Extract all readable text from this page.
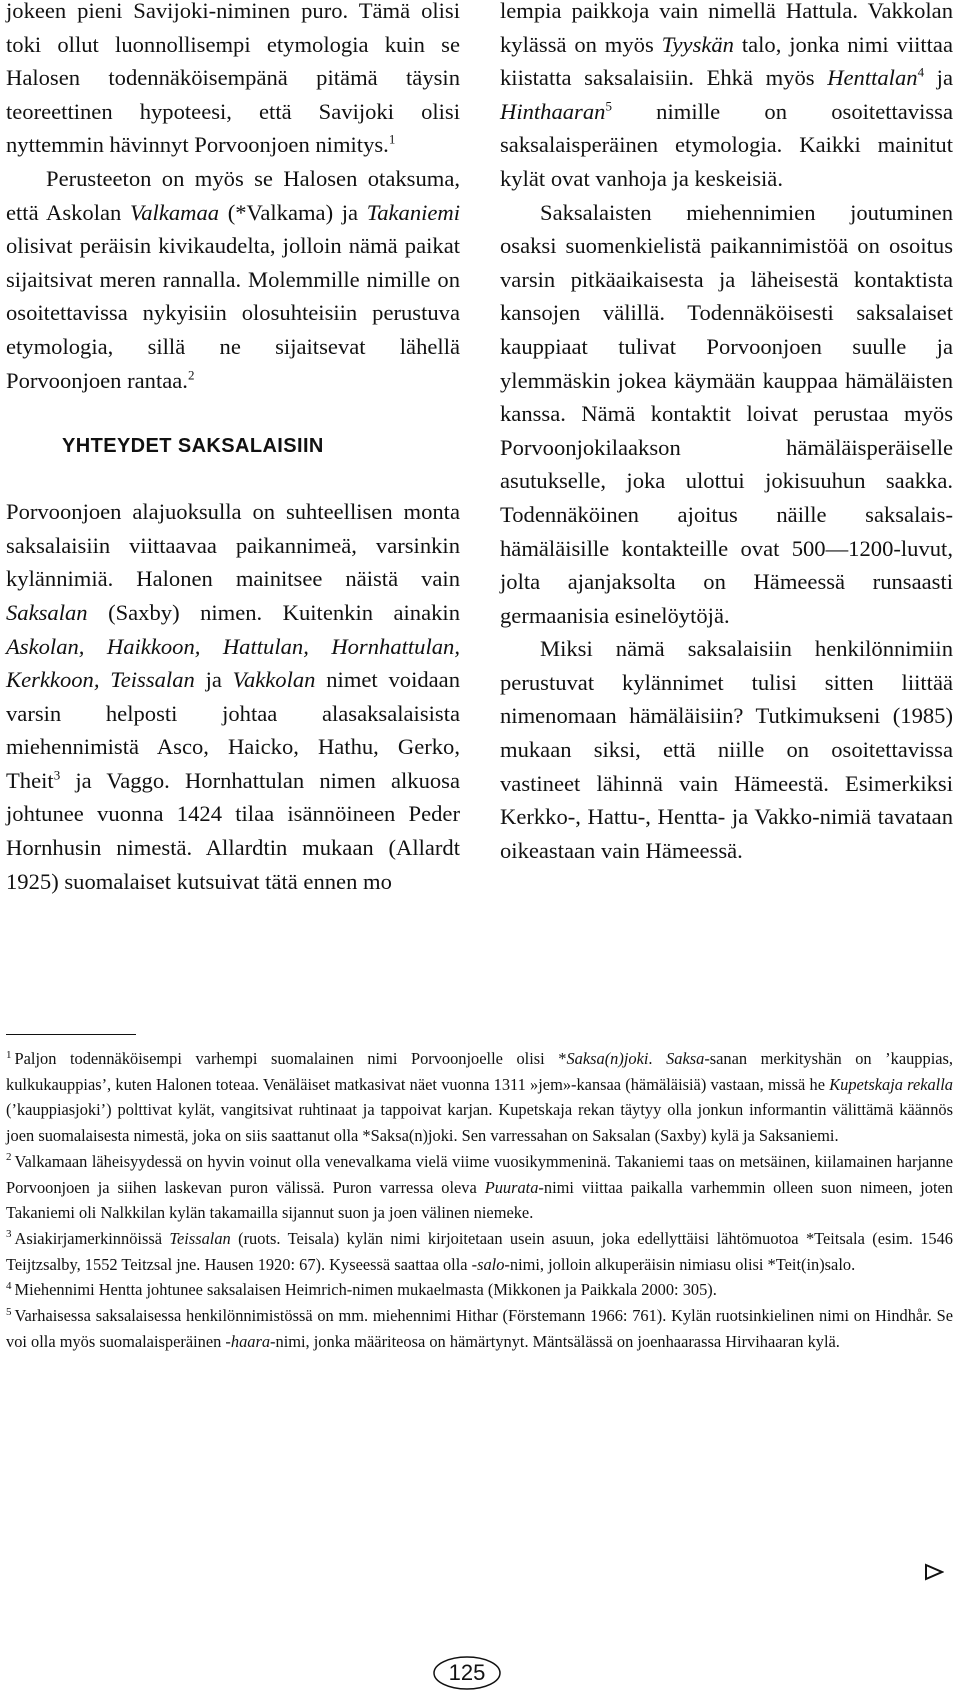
jokeen pieni Savijoki-niminen puro. Tämä olisi toki ollut luonnollisempi etymologia kuin se Halosen todennäköisempänä pitämä täysin teoreettinen hypoteesi, että Savijoki olisi nyttemmin hävinnyt Porvoonjoen nimitys.$^1$

Perusteeton on myös se Halosen otaksuma, että Askolan Valkamaa (*Valkama) ja Takaniemi olisivat peräisin kivikaudelta, jolloin nämä paikat sijaitsivat meren rannalla. Molemmille nimille on osoitettavissa nykyisiin olosuhteisiin perustuva etymologia, sillä ne sijaitsevat lähellä Porvoonjoen rantaa.$^2$

YHTEYDET SAKSALAISIIN

Porvoonjoen alajuoksulla on suhteellisen monta saksalaisiin viittaavaa paikannimeä, varsinkin kylännimiä. Halonen mainitsee näistä vain Saksalan (Saxby) nimen. Kuitenkin ainakin Askolan, Haikkoon, Hattulan, Hornhattulan, Kerkkoon, Teissalan ja Vakkolan nimet voidaan varsin helposti johtaa alasaksalaisista miehennimistä Asco, Haicko, Hathu, Gerko, Theit$^3$ ja Vaggo. Hornhattulan nimen alkuosa johtunee vuonna 1424 tilaa isännöineen Peder Hornhusin nimestä. Allardtin mukaan (Allardt 1925) suomalaiset kutsuivat tätä ennen mo

lempia paikkoja vain nimellä Hattula. Vakkolan kylässä on myös Tyyskän talo, jonka nimi viittaa kiistatta saksalaisiin. Ehkä myös Henttalan$^4$ ja Hinthaaran$^5$ nimille on osoitettavissa saksalaisperäinen etymologia. Kaikki mainitut kylät ovat vanhoja ja keskeisiä.

Saksalaisten miehennimien joutuminen osaksi suomenkielistä paikannimistöä on osoitus varsin pitkäaikaisesta ja läheisestä kontaktista kansojen välillä. Todennäköisesti saksalaiset kauppiaat tulivat Porvoonjoen suulle ja ylemmäskin jokea käymään kauppaa hämäläisten kanssa. Nämä kontaktit loivat perustaa myös Porvoonjokilaakson hämäläisperäiselle asutukselle, joka ulottui jokisuuhun saakka. Todennäköinen ajoitus näille saksalais-hämäläisille kontakteille ovat 500—1200-luvut, jolta ajanjaksolta on Hämeessä runsaasti germaanisia esinelöytöjä.

Miksi nämä saksalaisiin henkilönnimiin perustuvat kylännimet tulisi sitten liittää nimenomaan hämäläisiin? Tutkimukseni (1985) mukaan siksi, että niille on osoitettavissa vastineet lähinnä vain Hämeestä. Esimerkiksi Kerkko-, Hattu-, Hentta- ja Vakko-nimiä tavataan oikeastaan vain Hämeessä.

$^1$ Paljon todennäköisempi varhempi suomalainen nimi Porvoonjoelle olisi *Saksa(n)joki. Saksa-sanan merkityshän on ’kauppias, kulkukauppias’, kuten Halonen toteaa. Venäläiset matkasivat näet vuonna 1311 »jem»-kansaa (hämäläisiä) vastaan, missä he Kupetskaja rekalla (’kauppiasjoki’) polttivat kylät, vangitsivat ruhtinaat ja tappoivat karjan. Kupetskaja rekan täytyy olla jonkun informantin välittämä käännös joen suomalaisesta nimestä, joka on siis saattanut olla *Saksa(n)joki. Sen varressahan on Saksalan (Saxby) kylä ja Saksaniemi.

$^2$ Valkamaan läheisyydessä on hyvin voinut olla venevalkama vielä viime vuosikymmeninä. Takaniemi taas on metsäinen, kiilamainen harjanne Porvoonjoen ja siihen laskevan puron välissä. Puron varressa oleva Puurata-nimi viittaa paikalla varhemmin olleen suon nimeen, joten Takaniemi oli Nalkkilan kylän takamailla sijannut suon ja joen välinen niemeke.

$^3$ Asiakirjamerkinnöissä Teissalan (ruots. Teisala) kylän nimi kirjoitetaan usein asuun, joka edellyttäisi lähtömuotoa *Teitsala (esim. 1546 Teijtzsalby, 1552 Teitzsal jne. Hausen 1920: 67). Kyseessä saattaa olla -salo-nimi, jolloin alkuperäisin nimiasu olisi *Teit(in)salo.

$^4$ Miehennimi Hentta johtunee saksalaisen Heimrich-nimen mukaelmasta (Mikkonen ja Paikkala 2000: 305).

$^5$ Varhaisessa saksalaisessa henkilönnimistössä on mm. miehennimi Hithar (Förstemann 1966: 761). Kylän ruotsinkielinen nimi on Hindhår. Se voi olla myös suomalaisperäinen -haara-nimi, jonka määriteosa on hämärtynyt. Mäntsälässä on joenhaarassa Hirvihaaran kylä.

125
